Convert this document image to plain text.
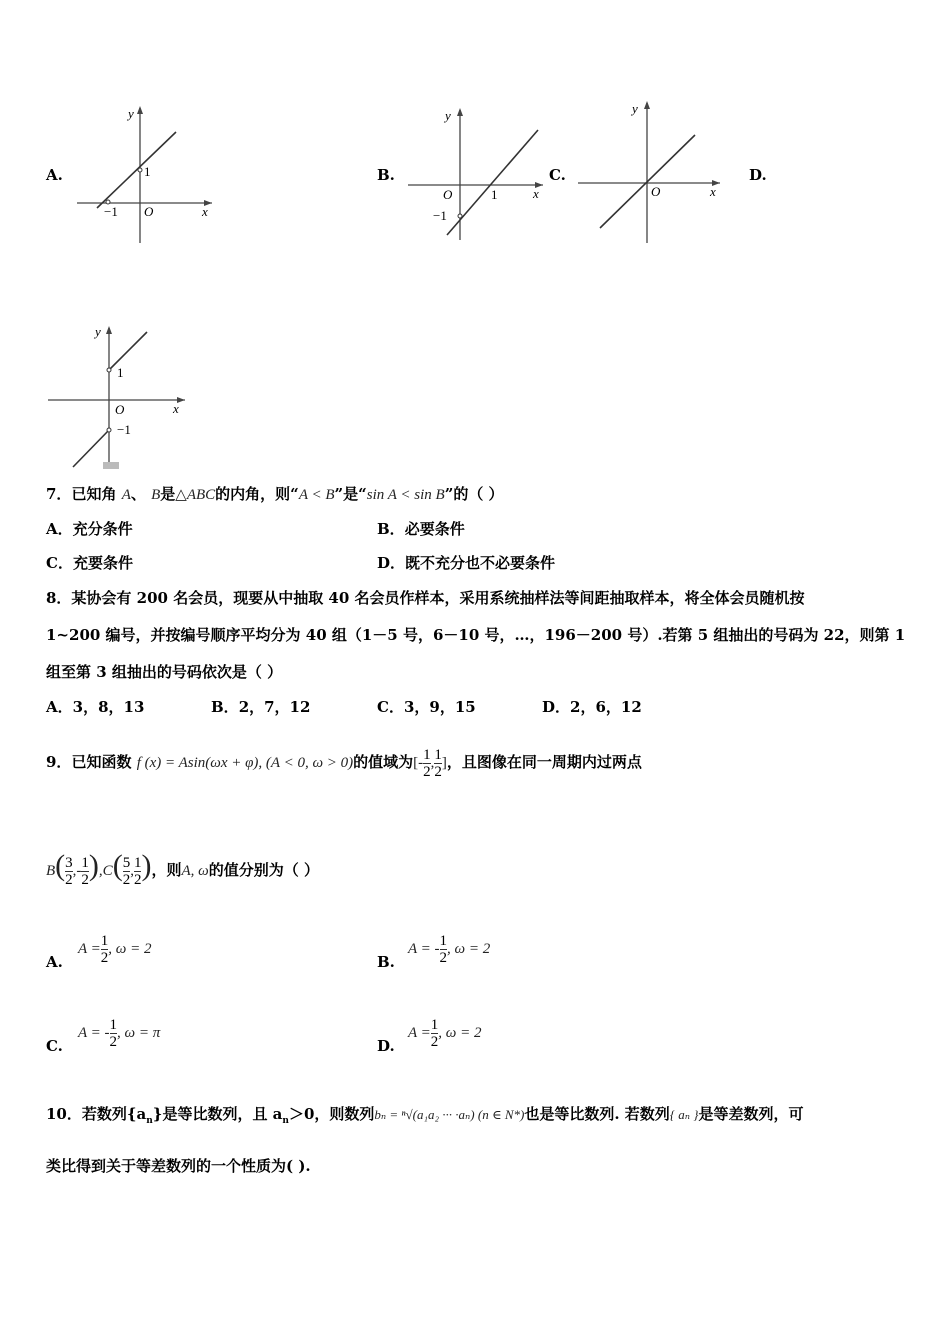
A.	B.	C.	D.
y
x
O
1
−1
y
x
O	1
−1
y
x
O
y
x
O
1
−1
7．已知角 A、 B是△ABC的内角，则“A < B”是“sin A < sin B”的（ ）
A．充分条件	B．必要条件
C．充要条件	D．既不充分也不必要条件
8．某协会有 200 名会员，现要从中抽取 40 名会员作样本，采用系统抽样法等间距抽取样本，将全体会员随机按
1~200 编号，并按编号顺序平均分为 40 组（1－5 号，6－10 号，…，196－200 号）.若第 5 组抽出的号码为 22，则第 1
组至第 3 组抽出的号码依次是（ ）
A．3，8，13	B．2，7，12	C．3，9，15	D．2，6，12
9．已知函数 f (x) = Asin(ωx + φ), (A < 0, ω > 0)的值域为[- $\frac{1}{2}$ , $\frac{1}{2}$ ]，且图像在同一周期内过两点
$B( \frac{3}{2}$ ,- $\frac{1}{2} ),C( \frac{5}{2}$ , $\frac{1}{2}$ )，则A, ω的值分别为（ ）
A.
$A = \frac{1}{2}$ , ω = 2
B.
A = - $\frac{1}{2}$ , ω = 2
C.
A = - $\frac{1}{2}$ , ω = π
D.
$A = \frac{1}{2}$ , ω = 2
10．若数列$\{a_n\}$是等比数列，且 $a_n>0$，则数列bₙ = ⁿ√(a₁a₂ ··· ·aₙ) (n ∈ N*)也是等比数列. 若数列{ aₙ }是等差数列，可
类比得到关于等差数列的一个性质为( ).
